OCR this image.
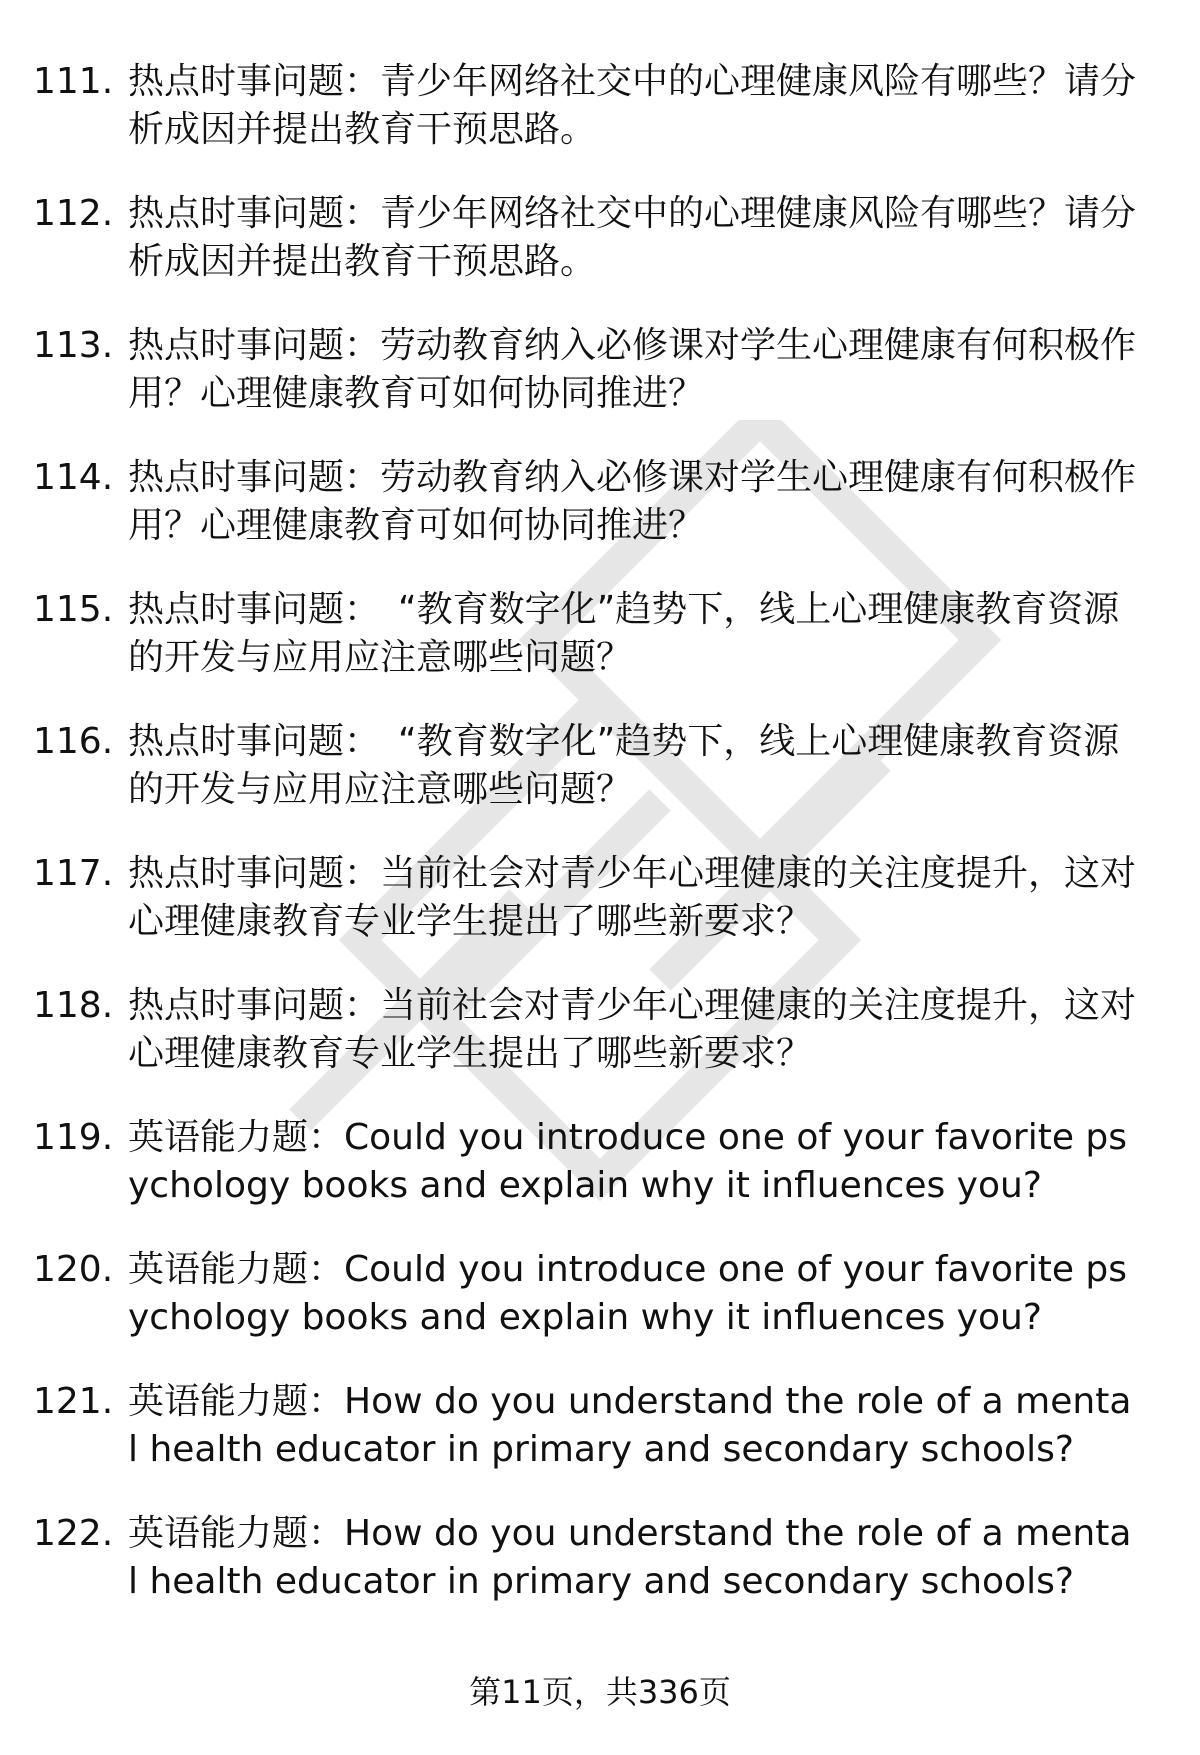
111. 热点时事问题：青少年网络社交中的心理健康风险有哪些？请分析成因并提出教育干预思路。
112. 热点时事问题：青少年网络社交中的心理健康风险有哪些？请分析成因并提出教育干预思路。
113. 热点时事问题：劳动教育纳入必修课对学生心理健康有何积极作用？心理健康教育可如何协同推进？
114. 热点时事问题：劳动教育纳入必修课对学生心理健康有何积极作用？心理健康教育可如何协同推进？
115. 热点时事问题：　“教育数字化”趋势下，线上心理健康教育资源的开发与应用应注意哪些问题？
116. 热点时事问题：　“教育数字化”趋势下，线上心理健康教育资源的开发与应用应注意哪些问题？
117. 热点时事问题：当前社会对青少年心理健康的关注度提升，这对心理健康教育专业学生提出了哪些新要求？
118. 热点时事问题：当前社会对青少年心理健康的关注度提升，这对心理健康教育专业学生提出了哪些新要求？
119. 英语能力题：Could you introduce one of your favorite psychology books and explain why it influences you?
120. 英语能力题：Could you introduce one of your favorite psychology books and explain why it influences you?
121. 英语能力题：How do you understand the role of a mental health educator in primary and secondary schools?
122. 英语能力题：How do you understand the role of a mental health educator in primary and secondary schools?
第11页，共336页
